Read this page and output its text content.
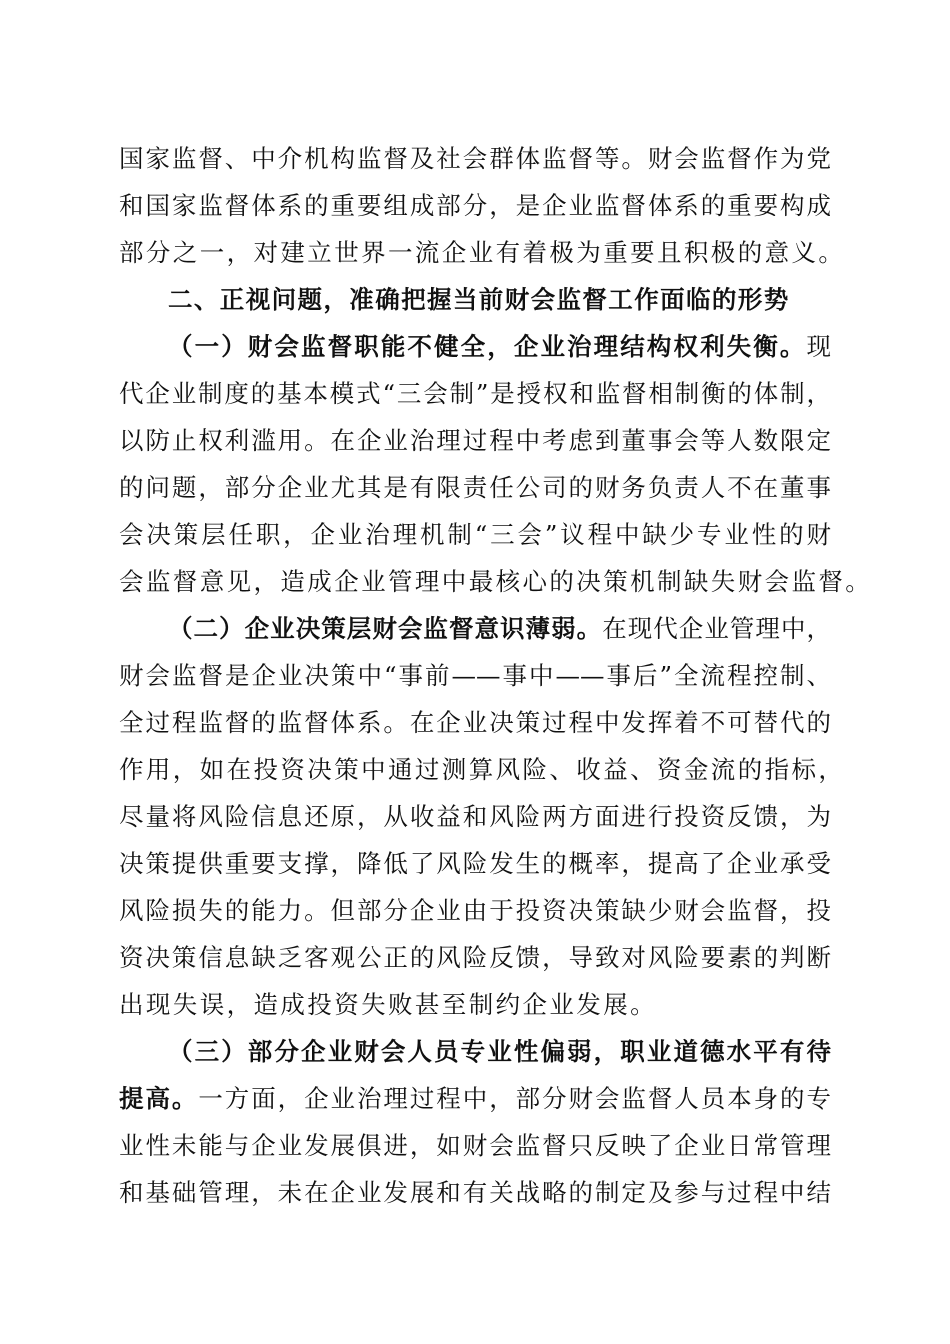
国家监督、中介机构监督及社会群体监督等。财会监督作为党
和国家监督体系的重要组成部分，是企业监督体系的重要构成
部分之一，对建立世界一流企业有着极为重要且积极的意义。
二、正视问题，准确把握当前财会监督工作面临的形势
（一）财会监督职能不健全，企业治理结构权利失衡。现
代企业制度的基本模式“三会制”是授权和监督相制衡的体制，
以防止权利滥用。在企业治理过程中考虑到董事会等人数限定
的问题，部分企业尤其是有限责任公司的财务负责人不在董事
会决策层任职，企业治理机制“三会”议程中缺少专业性的财
会监督意见，造成企业管理中最核心的决策机制缺失财会监督。
（二）企业决策层财会监督意识薄弱。在现代企业管理中，
财会监督是企业决策中“事前——事中——事后”全流程控制、
全过程监督的监督体系。在企业决策过程中发挥着不可替代的
作用，如在投资决策中通过测算风险、收益、资金流的指标，
尽量将风险信息还原，从收益和风险两方面进行投资反馈，为
决策提供重要支撑，降低了风险发生的概率，提高了企业承受
风险损失的能力。但部分企业由于投资决策缺少财会监督，投
资决策信息缺乏客观公正的风险反馈，导致对风险要素的判断
出现失误，造成投资失败甚至制约企业发展。
（三）部分企业财会人员专业性偏弱，职业道德水平有待
提高。一方面，企业治理过程中，部分财会监督人员本身的专
业性未能与企业发展俱进，如财会监督只反映了企业日常管理
和基础管理，未在企业发展和有关战略的制定及参与过程中结
